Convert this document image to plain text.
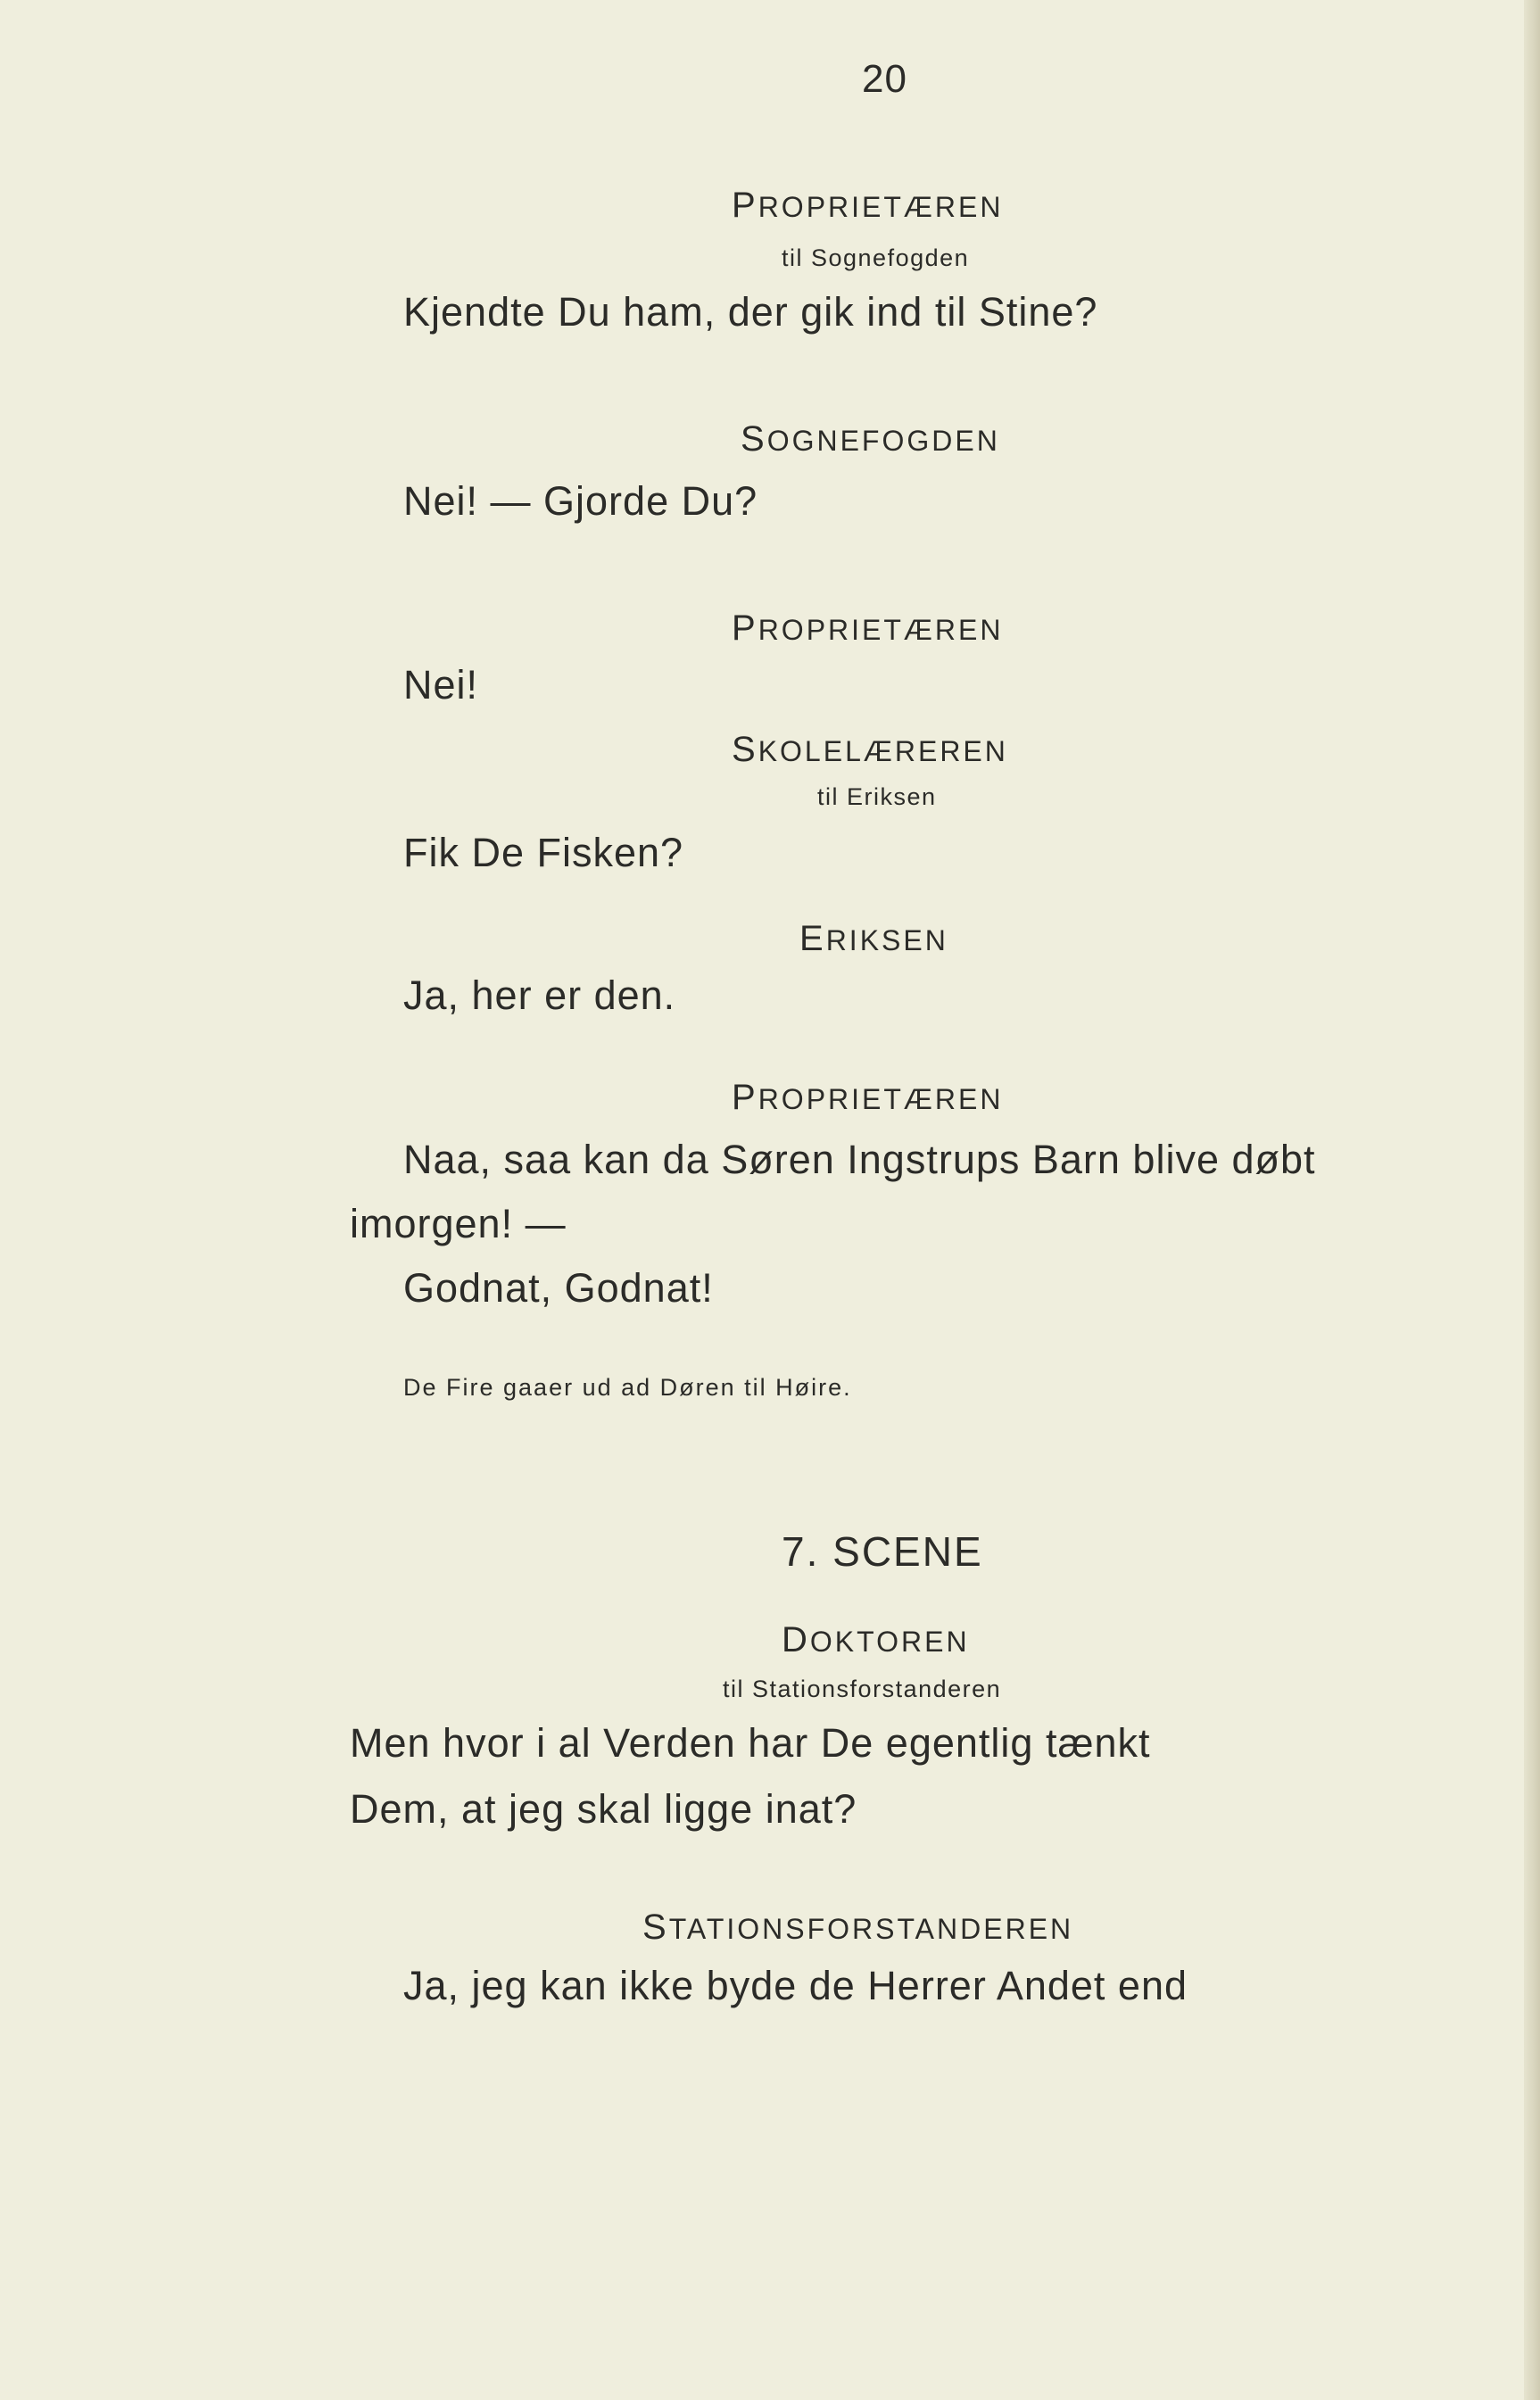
20

PROPRIETÆREN

til Sognefogden

Kjendte Du ham, der gik ind til Stine?

SOGNEFOGDEN

Nei! — Gjorde Du?

PROPRIETÆREN

Nei!

SKOLELÆREREN

til Eriksen

Fik De Fisken?

ERIKSEN

Ja, her er den.

PROPRIETÆREN

Naa, saa kan da Søren Ingstrups Barn blive døbt

imorgen! —

Godnat, Godnat!

De Fire gaaer ud ad Døren til Høire.

7. SCENE

DOKTOREN

til Stationsforstanderen

Men hvor i al Verden har De egentlig tænkt

Dem, at jeg skal ligge inat?

STATIONSFORSTANDEREN

Ja, jeg kan ikke byde de Herrer Andet end
